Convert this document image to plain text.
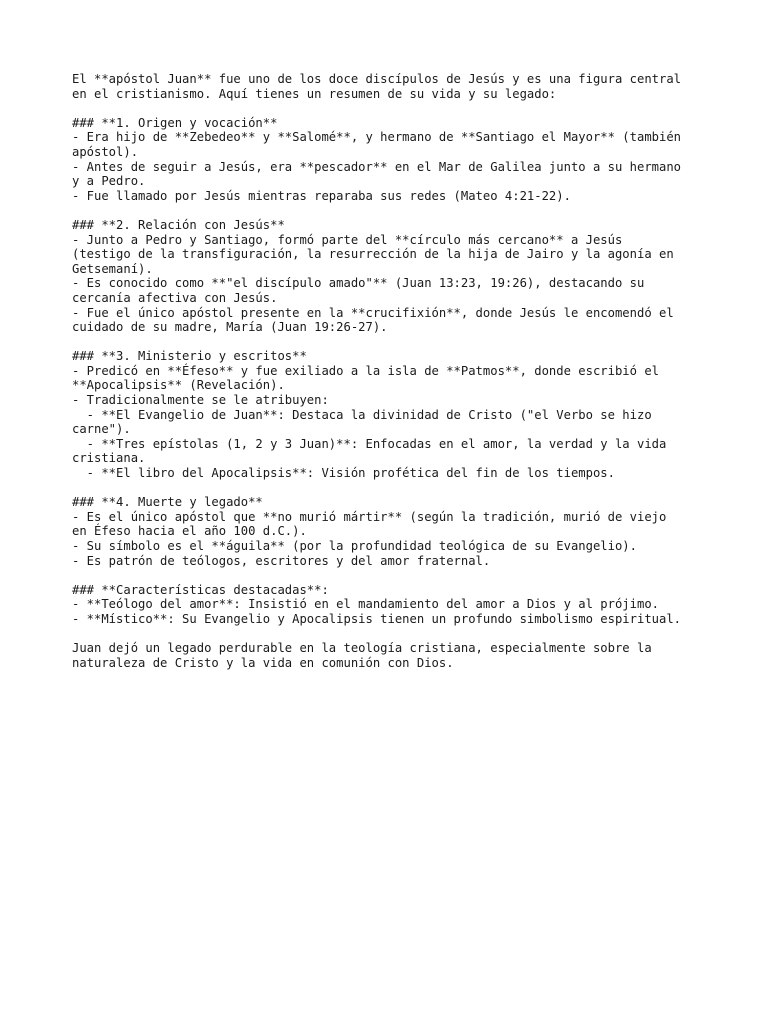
El **apóstol Juan** fue uno de los doce discípulos de Jesús y es una figura central
en el cristianismo. Aquí tienes un resumen de su vida y su legado:
### **1. Origen y vocación**
- Era hijo de **Zebedeo** y **Salomé**, y hermano de **Santiago el Mayor** (también
apóstol).
- Antes de seguir a Jesús, era **pescador** en el Mar de Galilea junto a su hermano
y a Pedro.
- Fue llamado por Jesús mientras reparaba sus redes (Mateo 4:21-22).
### **2. Relación con Jesús**
- Junto a Pedro y Santiago, formó parte del **círculo más cercano** a Jesús
(testigo de la transfiguración, la resurrección de la hija de Jairo y la agonía en
Getsemaní).
- Es conocido como **"el discípulo amado"** (Juan 13:23, 19:26), destacando su
cercanía afectiva con Jesús.
- Fue el único apóstol presente en la **crucifixión**, donde Jesús le encomendó el
cuidado de su madre, María (Juan 19:26-27).
### **3. Ministerio y escritos**
- Predicó en **Éfeso** y fue exiliado a la isla de **Patmos**, donde escribió el
**Apocalipsis** (Revelación).
- Tradicionalmente se le atribuyen:
- **El Evangelio de Juan**: Destaca la divinidad de Cristo ("el Verbo se hizo
carne").
- **Tres epístolas (1, 2 y 3 Juan)**: Enfocadas en el amor, la verdad y la vida
cristiana.
- **El libro del Apocalipsis**: Visión profética del fin de los tiempos.
### **4. Muerte y legado**
- Es el único apóstol que **no murió mártir** (según la tradición, murió de viejo
en Éfeso hacia el año 100 d.C.).
- Su símbolo es el **águila** (por la profundidad teológica de su Evangelio).
- Es patrón de teólogos, escritores y del amor fraternal.
### **Características destacadas**:
- **Teólogo del amor**: Insistió en el mandamiento del amor a Dios y al prójimo.
- **Místico**: Su Evangelio y Apocalipsis tienen un profundo simbolismo espiritual.
Juan dejó un legado perdurable en la teología cristiana, especialmente sobre la
naturaleza de Cristo y la vida en comunión con Dios.
